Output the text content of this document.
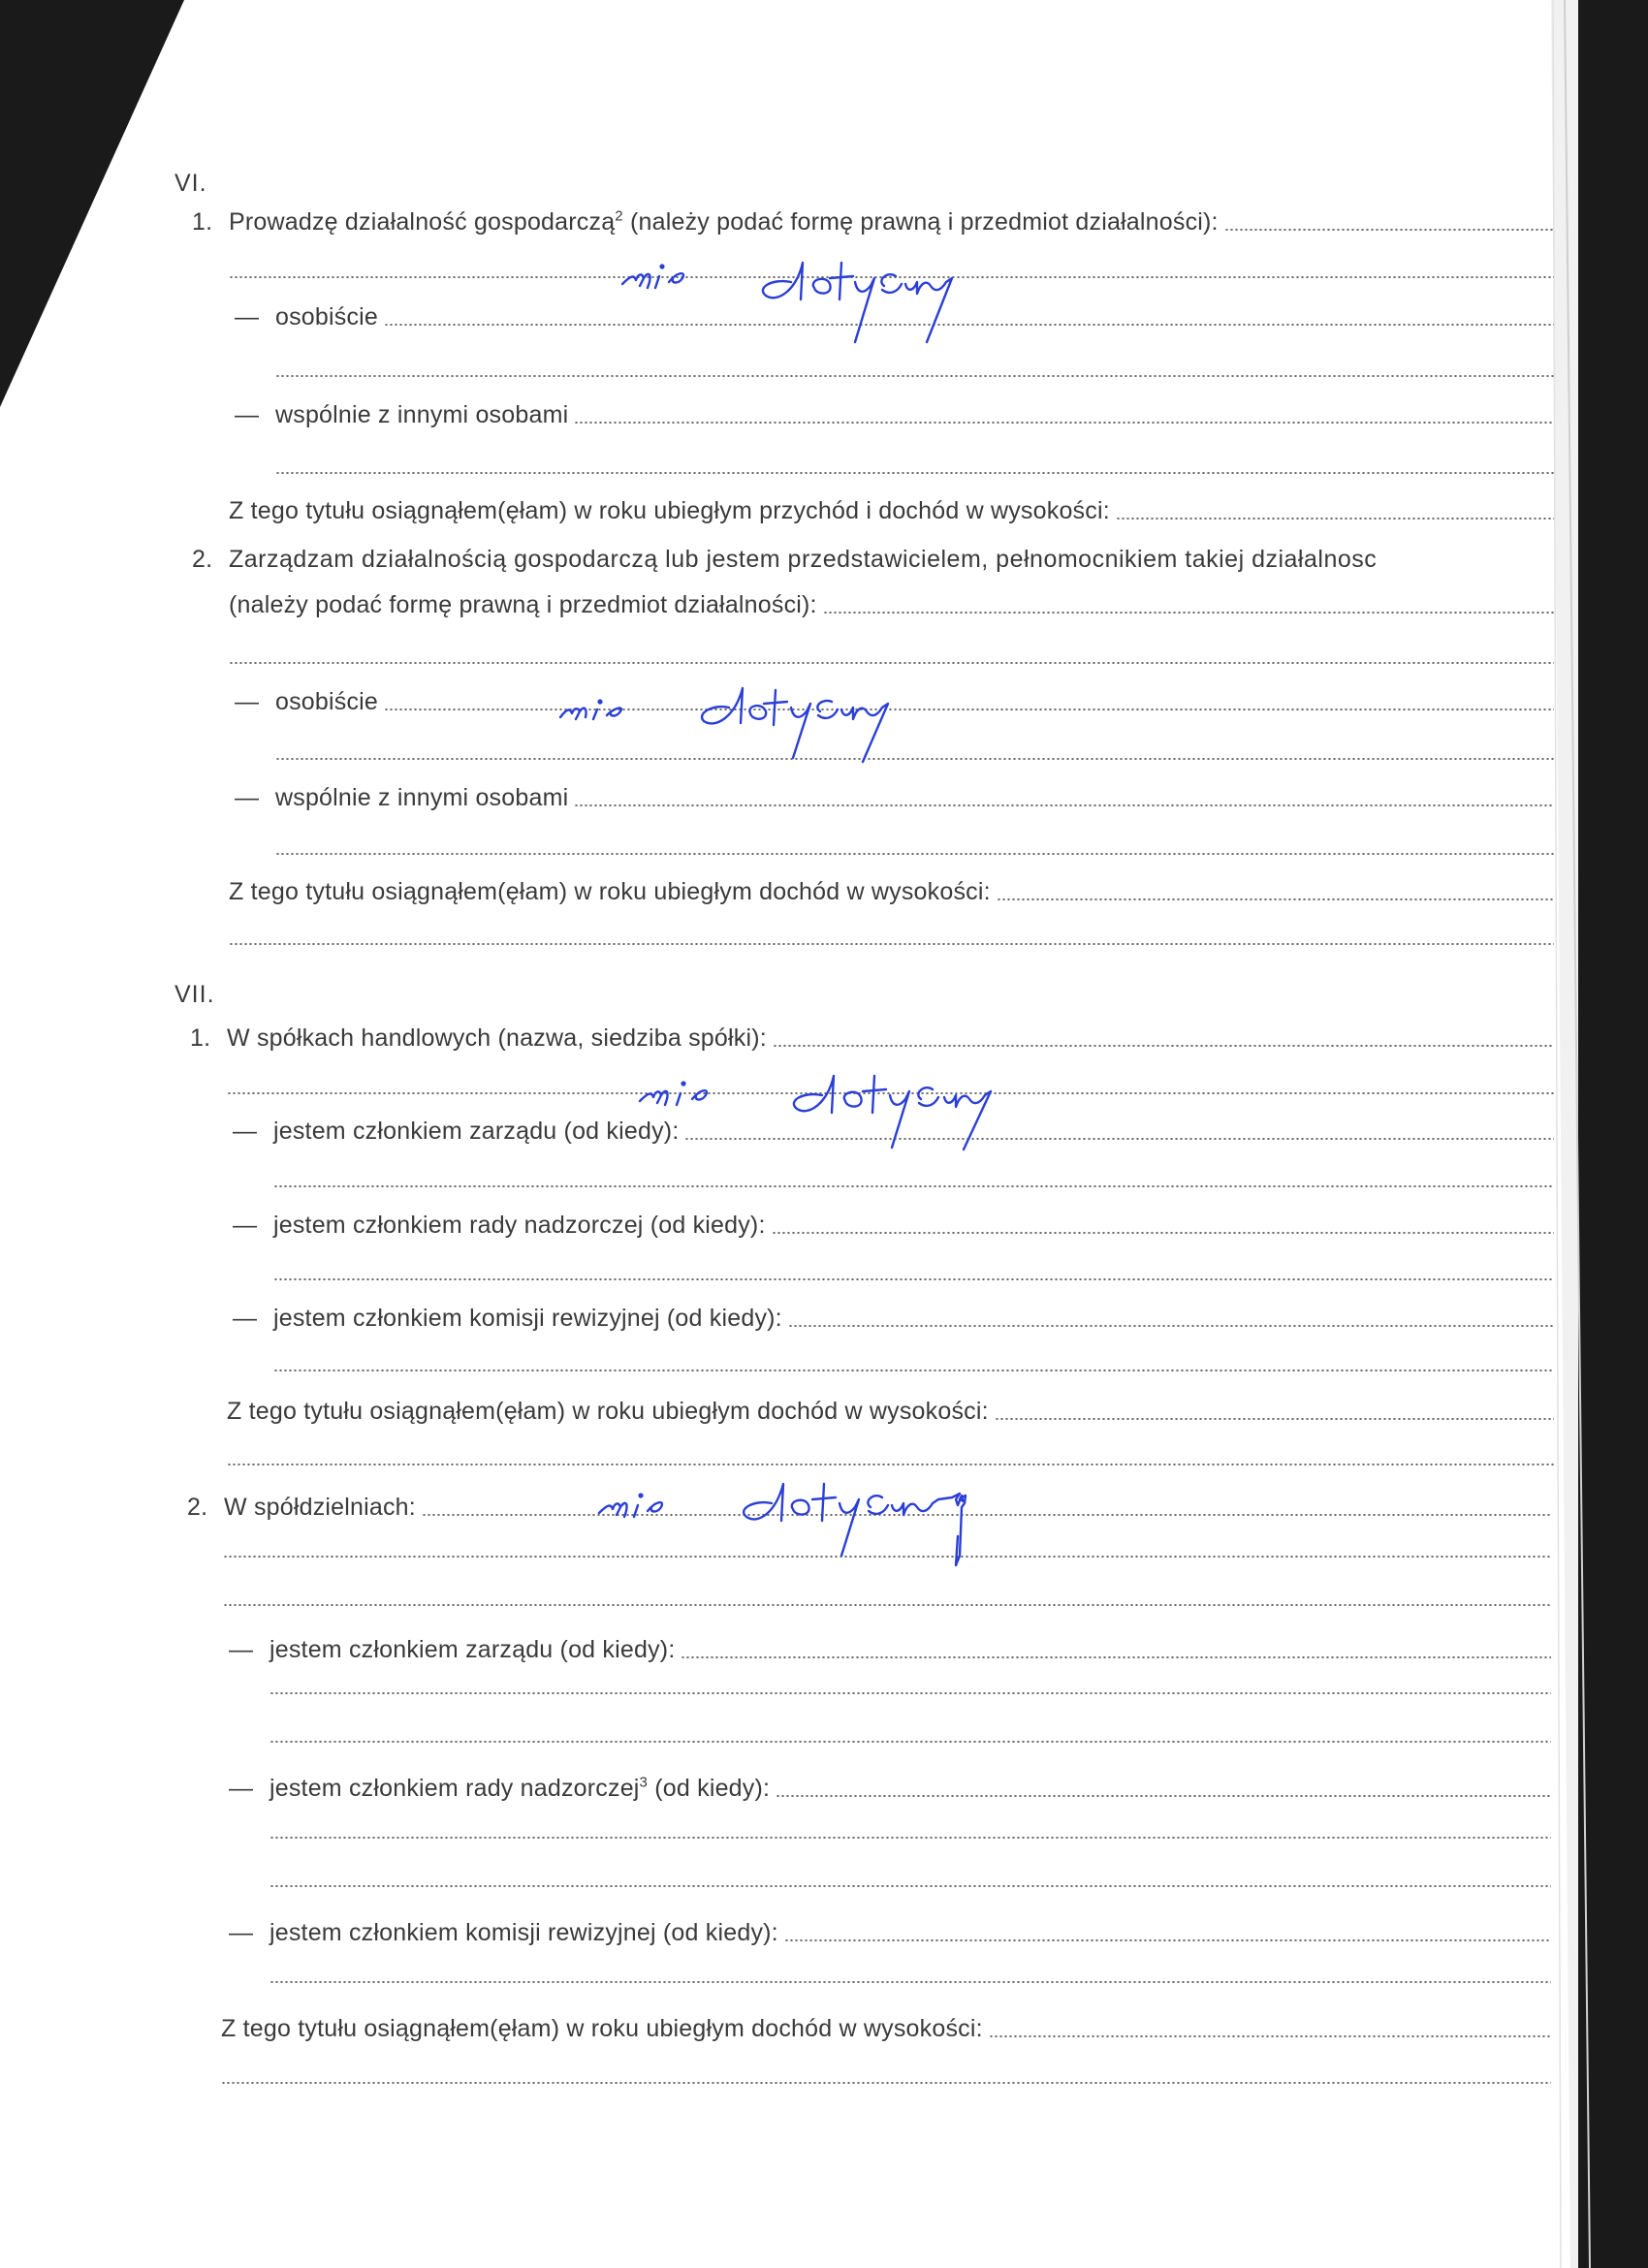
VI.
1. Prowadzę działalność gospodarczą$^2$ (należy podać formę prawną i przedmiot działalności):
— osobiście
— wspólnie z innymi osobami
Z tego tytułu osiągnąłem(ęłam) w roku ubiegłym przychód i dochód w wysokości:
2. Zarządzam działalnością gospodarczą lub jestem przedstawicielem, pełnomocnikiem takiej działalnosc
(należy podać formę prawną i przedmiot działalności):
— osobiście
— wspólnie z innymi osobami
Z tego tytułu osiągnąłem(ęłam) w roku ubiegłym dochód w wysokości:
VII.
1. W spółkach handlowych (nazwa, siedziba spółki):
— jestem członkiem zarządu (od kiedy):
— jestem członkiem rady nadzorczej (od kiedy):
— jestem członkiem komisji rewizyjnej (od kiedy):
Z tego tytułu osiągnąłem(ęłam) w roku ubiegłym dochód w wysokości:
2. W spółdzielniach:
— jestem członkiem zarządu (od kiedy):
— jestem członkiem rady nadzorczej$^3$ (od kiedy):
— jestem członkiem komisji rewizyjnej (od kiedy):
Z tego tytułu osiągnąłem(ęłam) w roku ubiegłym dochód w wysokości:
